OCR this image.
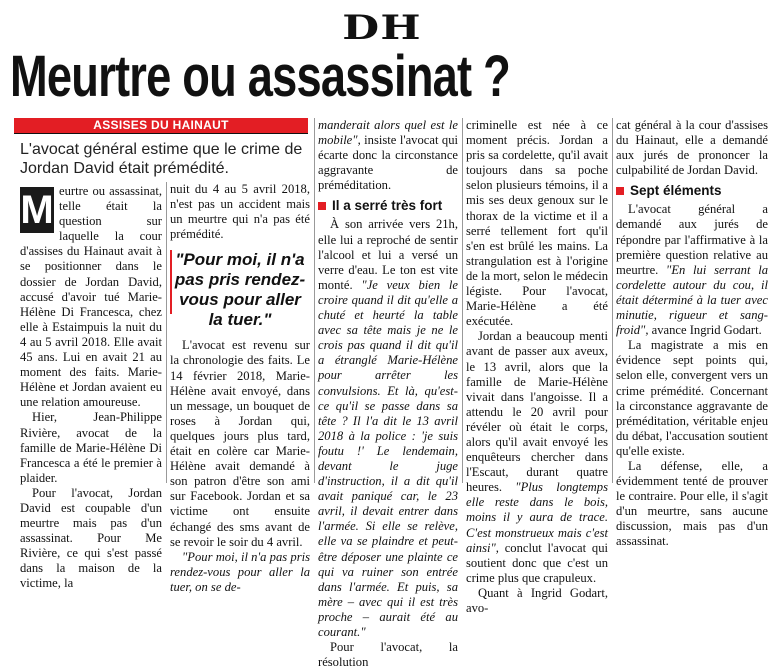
DH
Meurtre ou assassinat ?
ASSISES DU HAINAUT
L'avocat général estime que le crime de Jordan David était prémédité.

M eurtre ou assassinat, telle était la question sur laquelle la cour d'assises du Hainaut avait à se positionner dans le dossier de Jordan David, accusé d'avoir tué Marie-Hélène Di Francesca, chez elle à Estaimpuis la nuit du 4 au 5 avril 2018. Elle avait 45 ans. Lui en avait 21 au moment des faits. Marie-Hélène et Jordan avaient eu une relation amoureuse.

Hier, Jean-Philippe Rivière, avocat de la famille de Marie-Hélène Di Francesca a été le premier à plaider.

Pour l'avocat, Jordan David est coupable d'un meurtre mais pas d'un assassinat. Pour Me Rivière, ce qui s'est passé dans la maison de la victime, la

nuit du 4 au 5 avril 2018, n'est pas un accident mais un meurtre qui n'a pas été prémédité.

"Pour moi, il n'a pas pris rendez-vous pour aller la tuer."

L'avocat est revenu sur la chronologie des faits. Le 14 février 2018, Marie-Hélène avait envoyé, dans un message, un bouquet de roses à Jordan qui, quelques jours plus tard, était en colère car Marie-Hélène avait demandé à son patron d'être son ami sur Facebook. Jordan et sa victime ont ensuite échangé des sms avant de se revoir le soir du 4 avril.

"Pour moi, il n'a pas pris rendez-vous pour aller la tuer, on se de-

manderait alors quel est le mobile", insiste l'avocat qui écarte donc la circonstance aggravante de préméditation.

Il a serré très fort

À son arrivée vers 21h, elle lui a reproché de sentir l'alcool et lui a versé un verre d'eau. Le ton est vite monté. "Je veux bien le croire quand il dit qu'elle a chuté et heurté la table avec sa tête mais je ne le crois pas quand il dit qu'il a étranglé Marie-Hélène pour arrêter les convulsions. Et là, qu'est-ce qu'il se passe dans sa tête ? Il l'a dit le 13 avril 2018 à la police : 'je suis foutu !' Le lendemain, devant le juge d'instruction, il a dit qu'il avait paniqué car, le 23 avril, il devait entrer dans l'armée. Si elle se relève, elle va se plaindre et peut-être déposer une plainte ce qui va ruiner son entrée dans l'armée. Et puis, sa mère – avec qui il est très proche – aurait été au courant."

Pour l'avocat, la résolution

criminelle est née à ce moment précis. Jordan a pris sa cordelette, qu'il avait toujours dans sa poche selon plusieurs témoins, il a mis ses deux genoux sur le thorax de la victime et il a serré tellement fort qu'il s'en est brûlé les mains. La strangulation est à l'origine de la mort, selon le médecin légiste. Pour l'avocat, Marie-Hélène a été exécutée.

Jordan a beaucoup menti avant de passer aux aveux, le 13 avril, alors que la famille de Marie-Hélène vivait dans l'angoisse. Il a attendu le 20 avril pour révéler où était le corps, alors qu'il avait envoyé les enquêteurs chercher dans l'Escaut, durant quatre heures. "Plus longtemps elle reste dans le bois, moins il y aura de trace. C'est monstrueux mais c'est ainsi", conclut l'avocat qui soutient donc que c'est un crime plus que crapuleux.

Quant à Ingrid Godart, avo-

cat général à la cour d'assises du Hainaut, elle a demandé aux jurés de prononcer la culpabilité de Jordan David.

Sept éléments

L'avocat général a demandé aux jurés de répondre par l'affirmative à la première question relative au meurtre. "En lui serrant la cordelette autour du cou, il était déterminé à la tuer avec minutie, rigueur et sang-froid", avance Ingrid Godart.

La magistrate a mis en évidence sept points qui, selon elle, convergent vers un crime prémédité. Concernant la circonstance aggravante de préméditation, véritable enjeu du débat, l'accusation soutient qu'elle existe.

La défense, elle, a évidemment tenté de prouver le contraire. Pour elle, il s'agit d'un meurtre, sans aucune discussion, mais pas d'un assassinat.
